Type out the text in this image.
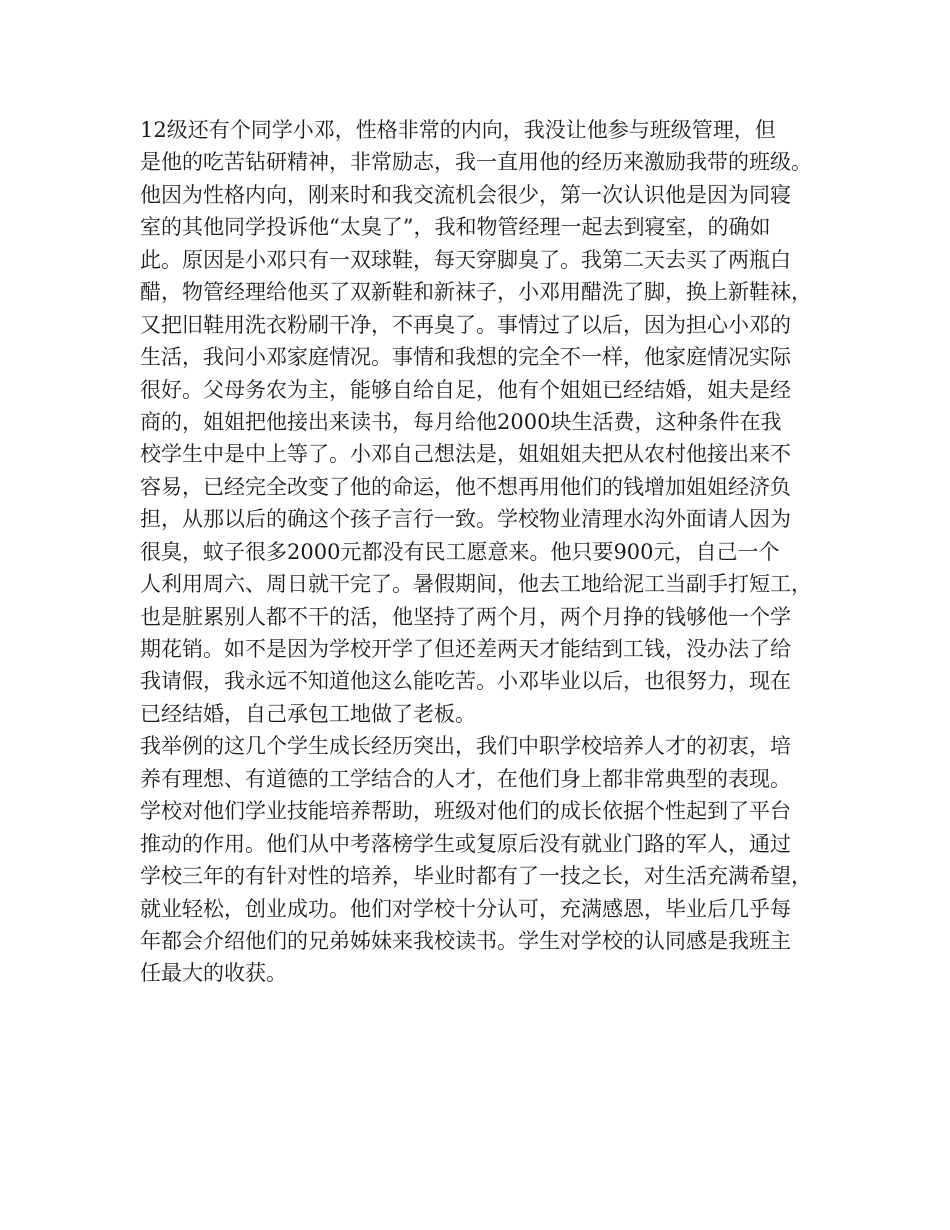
12级还有个同学小邓，性格非常的内向，我没让他参与班级管理，但
是他的吃苦钻研精神，非常励志，我一直用他的经历来激励我带的班级。
他因为性格内向，刚来时和我交流机会很少，第一次认识他是因为同寝
室的其他同学投诉他“太臭了”，我和物管经理一起去到寝室，的确如
此。原因是小邓只有一双球鞋，每天穿脚臭了。我第二天去买了两瓶白
醋，物管经理给他买了双新鞋和新袜子，小邓用醋洗了脚，换上新鞋袜，
又把旧鞋用洗衣粉刷干净，不再臭了。事情过了以后，因为担心小邓的
生活，我问小邓家庭情况。事情和我想的完全不一样，他家庭情况实际
很好。父母务农为主，能够自给自足，他有个姐姐已经结婚，姐夫是经
商的，姐姐把他接出来读书，每月给他2000块生活费，这种条件在我
校学生中是中上等了。小邓自己想法是，姐姐姐夫把从农村他接出来不
容易，已经完全改变了他的命运，他不想再用他们的钱增加姐姐经济负
担，从那以后的确这个孩子言行一致。学校物业清理水沟外面请人因为
很臭，蚊子很多2000元都没有民工愿意来。他只要900元，自己一个
人利用周六、周日就干完了。暑假期间，他去工地给泥工当副手打短工，
也是脏累别人都不干的活，他坚持了两个月，两个月挣的钱够他一个学
期花销。如不是因为学校开学了但还差两天才能结到工钱，没办法了给
我请假，我永远不知道他这么能吃苦。小邓毕业以后，也很努力，现在
已经结婚，自己承包工地做了老板。
我举例的这几个学生成长经历突出，我们中职学校培养人才的初衷，培
养有理想、有道德的工学结合的人才，在他们身上都非常典型的表现。
学校对他们学业技能培养帮助，班级对他们的成长依据个性起到了平台
推动的作用。他们从中考落榜学生或复原后没有就业门路的军人，通过
学校三年的有针对性的培养，毕业时都有了一技之长，对生活充满希望，
就业轻松，创业成功。他们对学校十分认可，充满感恩，毕业后几乎每
年都会介绍他们的兄弟姊妹来我校读书。学生对学校的认同感是我班主
任最大的收获。
